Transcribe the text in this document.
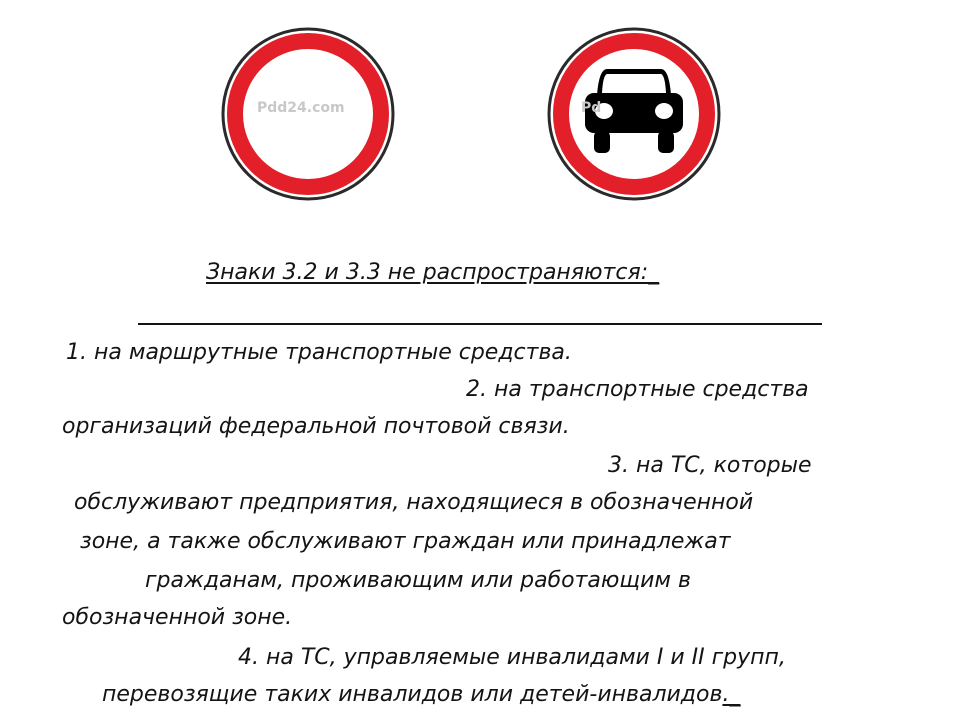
Pdd24.com	Pd
Знаки 3.2 и 3.3 не распространяются:_
1. на маршрутные транспортные средства.
2. на транспортные средства
организаций федеральной почтовой связи.
3. на ТС, которые
обслуживают предприятия, находящиеся в обозначенной
зоне, а также обслуживают граждан или принадлежат
гражданам, проживающим или работающим в
обозначенной зоне.
4. на ТС, управляемые инвалидами I и II групп,
перевозящие таких инвалидов или детей-инвалидов._
